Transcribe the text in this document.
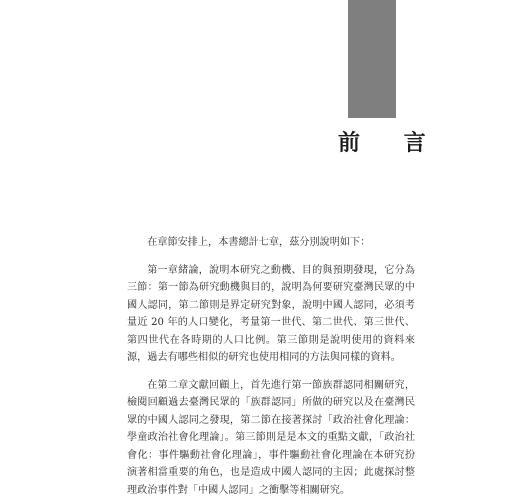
前 言

在章節安排上，本書總計七章，茲分別說明如下：

第一章緒論，說明本研究之動機、目的與預期發現，它分為三節：第一節為研究動機與目的，說明為何要研究臺灣民眾的中國人認同，第二節則是界定研究對象，說明中國人認同，必須考量近 20 年的人口變化，考量第一世代、第二世代、第三世代、第四世代在各時期的人口比例。第三節則是說明使用的資料來源，過去有哪些相似的研究也使用相同的方法與同樣的資料。

在第二章文獻回顧上，首先進行第一節族群認同相關研究，檢閱回顧過去臺灣民眾的「族群認同」所做的研究以及在臺灣民眾的中國人認同之發現，第二節在接著探討「政治社會化理論：學童政治社會化理論」。第三節則是是本文的重點文獻，「政治社會化：事件驅動社會化理論」，事件驅動社會化理論在本研究扮演著相當重要的角色，也是造成中國人認同的主因；此處探討整理政治事件對「中國人認同」之衝擊等相關研究。
